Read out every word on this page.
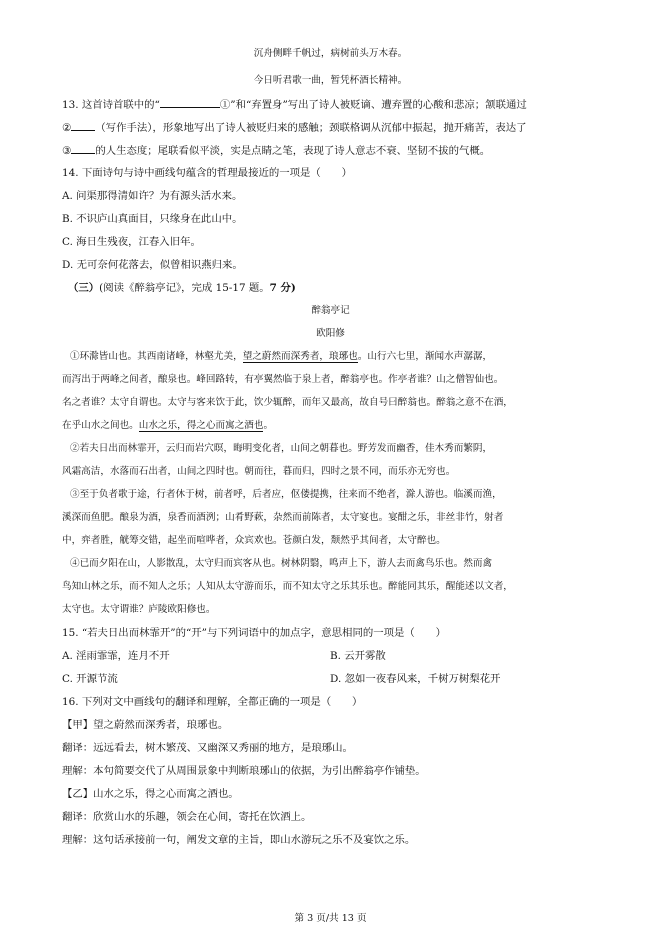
沉舟侧畔千帆过，病树前头万木春。
今日听君歌一曲，暂凭杯酒长精神。
13. 这首诗首联中的“	①”和“弃置身”写出了诗人被贬谪、遭弃置的心酸和悲凉；颔联通过
② （写作手法），形象地写出了诗人被贬归来的感触；颈联格调从沉郁中振起，抛开痛苦，表达了
③ 的人生态度；尾联看似平淡，实是点睛之笔，表现了诗人意志不衰、坚韧不拔的气概。
14. 下面诗句与诗中画线句蕴含的哲理最接近的一项是（　　）
A. 问渠那得清如许？为有源头活水来。
B. 不识庐山真面目，只缘身在此山中。
C. 海日生残夜，江春入旧年。
D. 无可奈何花落去，似曾相识燕归来。
（三）(阅读《醉翁亭记》，完成 15-17 题。7 分)
醉翁亭记
欧阳修
①环滁皆山也。其西南诸峰，林壑尤美，望之蔚然而深秀者，琅琊也。山行六七里，渐闻水声潺潺，
而泻出于两峰之间者，酿泉也。峰回路转，有亭翼然临于泉上者，醉翁亭也。作亭者谁？山之僧智仙也。
名之者谁？太守自谓也。太守与客来饮于此，饮少辄醉，而年又最高，故自号曰醉翁也。醉翁之意不在酒，
在乎山水之间也。山水之乐，得之心而寓之酒也。
②若夫日出而林霏开，云归而岩穴暝，晦明变化者，山间之朝暮也。野芳发而幽香，佳木秀而繁阴，
风霜高洁，水落而石出者，山间之四时也。朝而往，暮而归，四时之景不同，而乐亦无穷也。
③至于负者歌于途，行者休于树，前者呼，后者应，伛偻提携，往来而不绝者，滁人游也。临溪而渔，
溪深而鱼肥。酿泉为酒，泉香而酒洌；山肴野蔌，杂然而前陈者，太守宴也。宴酣之乐，非丝非竹，射者
中，弈者胜，觥筹交错，起坐而喧哗者，众宾欢也。苍颜白发，颓然乎其间者，太守醉也。
④已而夕阳在山，人影散乱，太守归而宾客从也。树林阴翳，鸣声上下，游人去而禽鸟乐也。然而禽
鸟知山林之乐，而不知人之乐；人知从太守游而乐，而不知太守之乐其乐也。醉能同其乐，醒能述以文者，
太守也。太守谓谁？庐陵欧阳修也。
15. “若夫日出而林霏开”的“开”与下列词语中的加点字，意思相同的一项是（　　）
A. 淫雨霏霏，连月不开	B. 云开雾散
C. 开源节流	D. 忽如一夜春风来，千树万树梨花开
16. 下列对文中画线句的翻译和理解，全都正确的一项是（　　）
【甲】望之蔚然而深秀者，琅琊也。
翻译：远远看去，树木繁茂、又幽深又秀丽的地方，是琅琊山。
理解：本句简要交代了从周围景象中判断琅琊山的依据，为引出醉翁亭作铺垫。
【乙】山水之乐，得之心而寓之酒也。
翻译：欣赏山水的乐趣，领会在心间，寄托在饮酒上。
理解：这句话承接前一句，阐发文章的主旨，即山水游玩之乐不及宴饮之乐。
第 3 页/共 13 页
